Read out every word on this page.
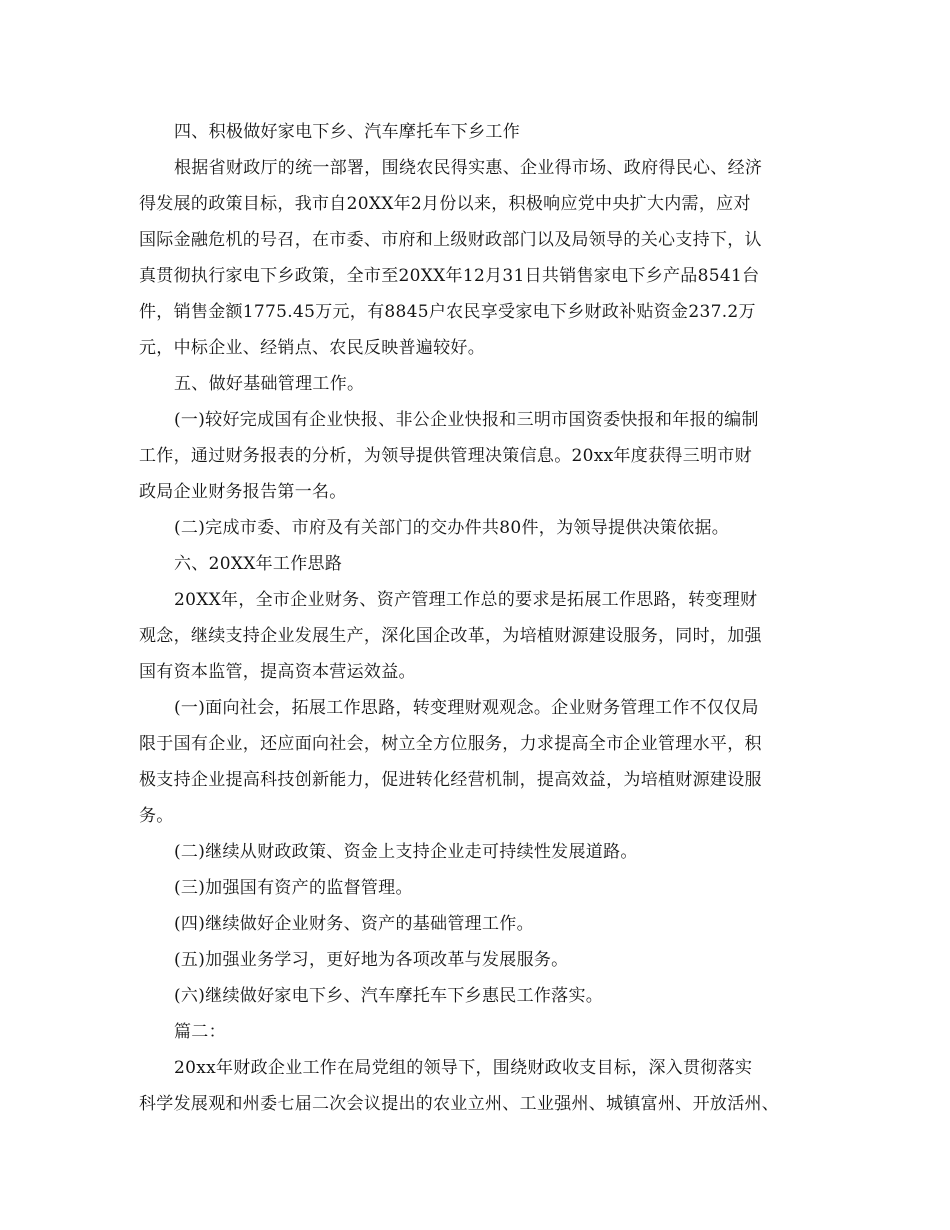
四、积极做好家电下乡、汽车摩托车下乡工作
根据省财政厅的统一部署，围绕农民得实惠、企业得市场、政府得民心、经济
得发展的政策目标，我市自20XX年2月份以来，积极响应党中央扩大内需，应对
国际金融危机的号召，在市委、市府和上级财政部门以及局领导的关心支持下，认
真贯彻执行家电下乡政策，全市至20XX年12月31日共销售家电下乡产品8541台
件，销售金额1775.45万元，有8845户农民享受家电下乡财政补贴资金237.2万
元，中标企业、经销点、农民反映普遍较好。
五、做好基础管理工作。
(一)较好完成国有企业快报、非公企业快报和三明市国资委快报和年报的编制
工作，通过财务报表的分析，为领导提供管理决策信息。20xx年度获得三明市财
政局企业财务报告第一名。
(二)完成市委、市府及有关部门的交办件共80件，为领导提供决策依据。
六、20XX年工作思路
20XX年，全市企业财务、资产管理工作总的要求是拓展工作思路，转变理财
观念，继续支持企业发展生产，深化国企改革，为培植财源建设服务，同时，加强
国有资本监管，提高资本营运效益。
(一)面向社会，拓展工作思路，转变理财观观念。企业财务管理工作不仅仅局
限于国有企业，还应面向社会，树立全方位服务，力求提高全市企业管理水平，积
极支持企业提高科技创新能力，促进转化经营机制，提高效益，为培植财源建设服
务。
(二)继续从财政政策、资金上支持企业走可持续性发展道路。
(三)加强国有资产的监督管理。
(四)继续做好企业财务、资产的基础管理工作。
(五)加强业务学习，更好地为各项改革与发展服务。
(六)继续做好家电下乡、汽车摩托车下乡惠民工作落实。
篇二：
20xx年财政企业工作在局党组的领导下，围绕财政收支目标，深入贯彻落实
科学发展观和州委七届二次会议提出的农业立州、工业强州、城镇富州、开放活州、
